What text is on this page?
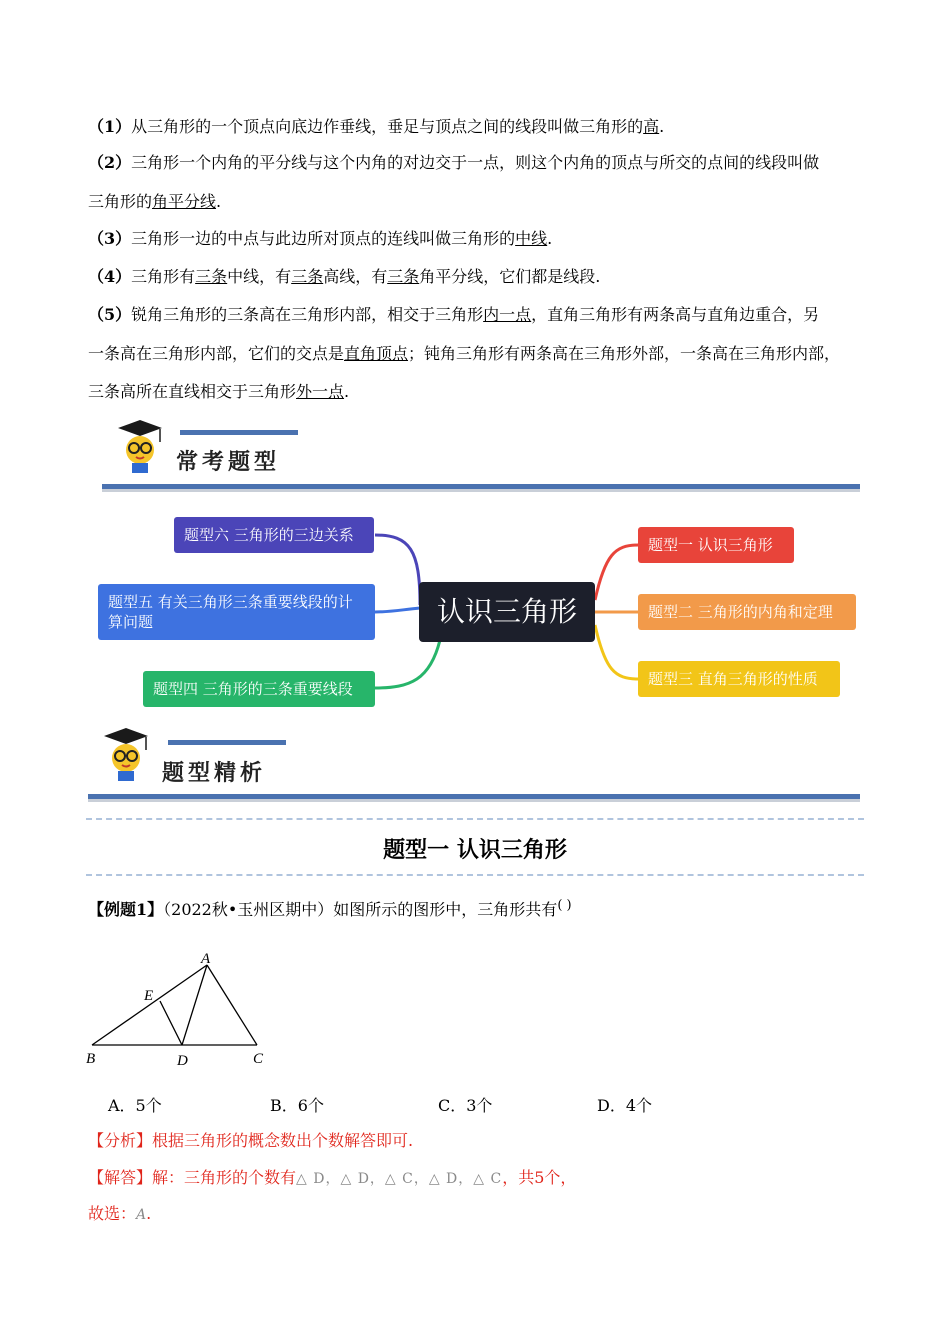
（1）从三角形的一个顶点向底边作垂线，垂足与顶点之间的线段叫做三角形的高.
（2）三角形一个内角的平分线与这个内角的对边交于一点，则这个内角的顶点与所交的点间的线段叫做
三角形的角平分线.
（3）三角形一边的中点与此边所对顶点的连线叫做三角形的中线.
（4）三角形有三条中线，有三条高线，有三条角平分线，它们都是线段.
（5）锐角三角形的三条高在三角形内部，相交于三角形内一点，直角三角形有两条高与直角边重合，另
一条高在三角形内部，它们的交点是直角顶点；钝角三角形有两条高在三角形外部，一条高在三角形内部，
三条高所在直线相交于三角形外一点.
常考题型
认识三角形
题型六 三角形的三边关系
题型五 有关三角形三条重要线段的计算问题
题型四 三角形的三条重要线段
题型一 认识三角形
题型二 三角形的内角和定理
题型三 直角三角形的性质
题型精析
题型一 认识三角形
【例题1】（2022秋•玉州区期中）如图所示的图形中，三角形共有( )
A
E
B	D	C
A．5个	B．6个	C．3个	D．4个
【分析】根据三角形的概念数出个数解答即可.
【解答】解：三角形的个数有△ D，△ D，△ C，△ D，△ C，共5个，
故选：A.
